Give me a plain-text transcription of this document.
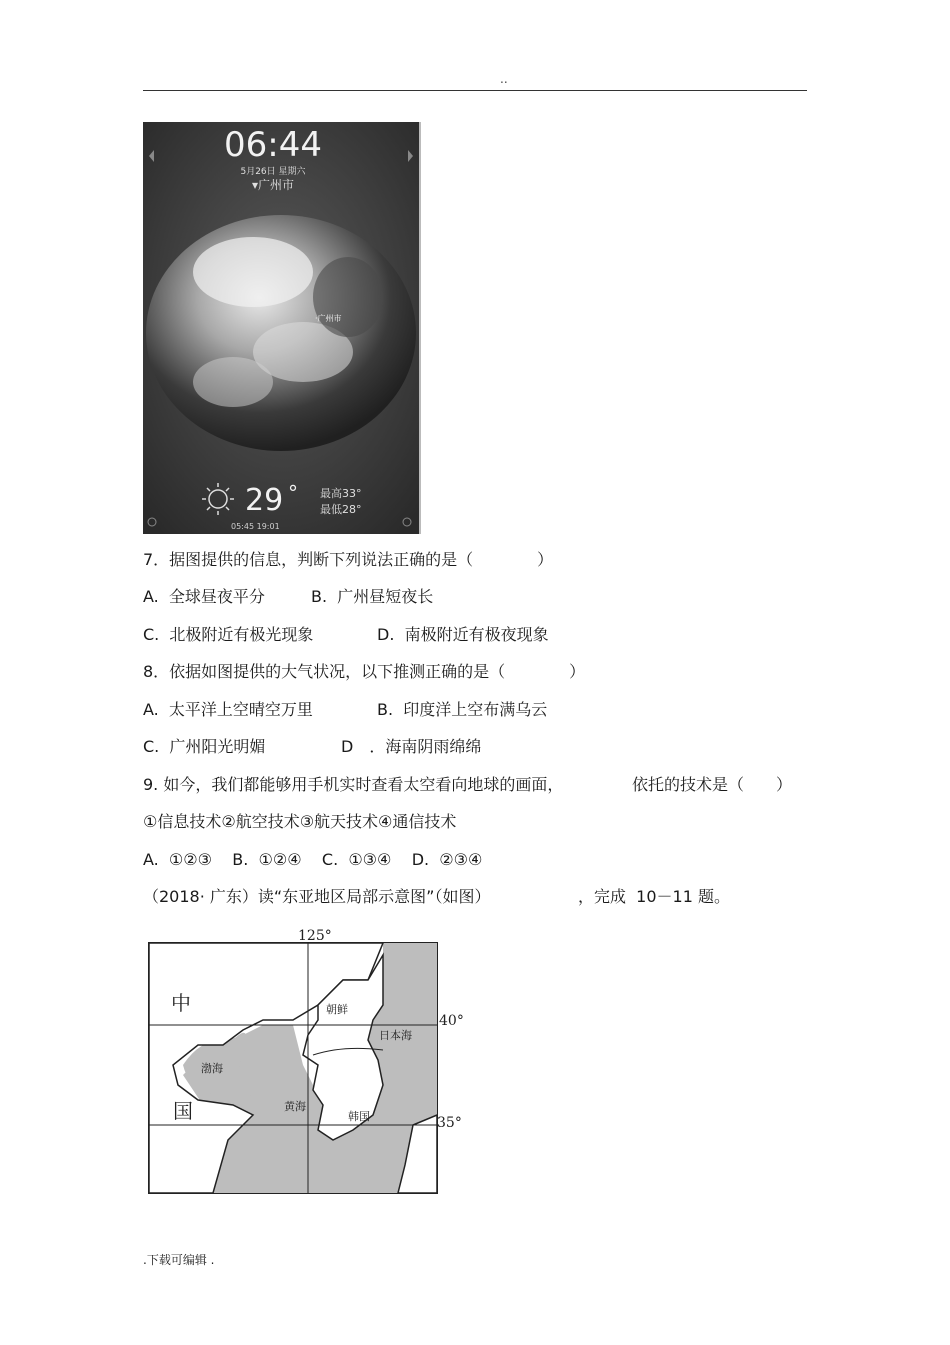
..
06:44
5月26日 星期六
▾广州市
·广州市
29 ° 最高33°
最低28°
05:45 19:01
7．据图提供的信息，判断下列说法正确的是（　　　　）
A.  全球昼夜平分	B.  广州昼短夜长
C.  北极附近有极光现象	D.  南极附近有极夜现象
8．依据如图提供的大气状况，以下推测正确的是（　　　　）
A.  太平洋上空晴空万里	B.  印度洋上空布满乌云
C.  广州阳光明媚	D　．海南阴雨绵绵
9. 如今，我们都能够用手机实时查看太空看向地球的画面，	依托的技术是（　　）
①信息技术②航空技术③航天技术④通信技术
A.  ①②③    B.  ①②④    C.  ①③④    D.  ②③④
（2018· 广东）读“东亚地区局部示意图”（如图）	，完成  10－11 题。
125°
40°
35°
中
国
朝鲜
日本海
渤海
黄海
韩国
.下载可编辑 .
